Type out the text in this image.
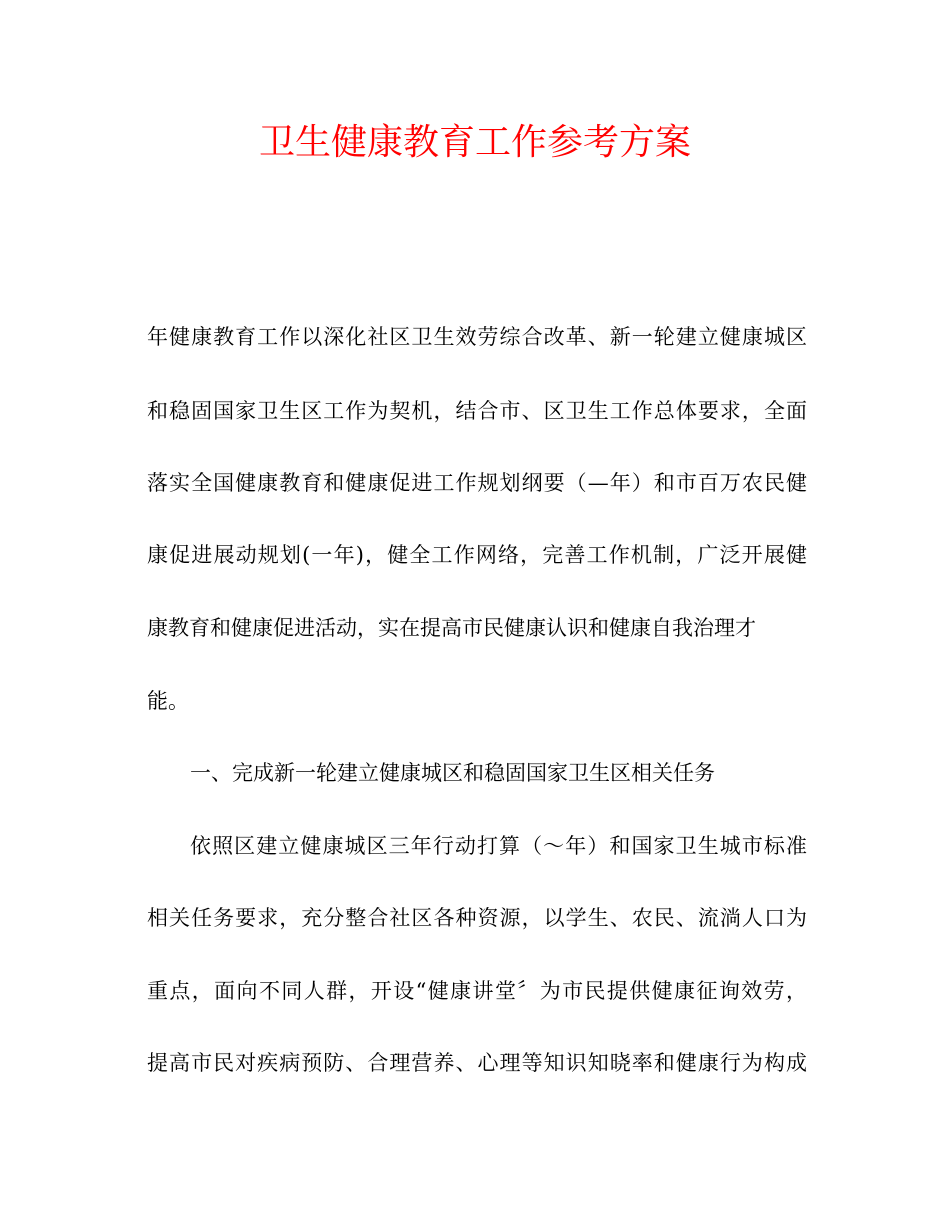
卫生健康教育工作参考方案
年健康教育工作以深化社区卫生效劳综合改革、新一轮建立健康城区
和稳固国家卫生区工作为契机，结合市、区卫生工作总体要求，全面
落实全国健康教育和健康促进工作规划纲要（—年）和市百万农民健
康促进展动规划(一年)，健全工作网络，完善工作机制，广泛开展健
康教育和健康促进活动，实在提高市民健康认识和健康自我治理才
能。
一、完成新一轮建立健康城区和稳固国家卫生区相关任务
依照区建立健康城区三年行动打算（～年）和国家卫生城市标准
相关任务要求，充分整合社区各种资源，以学生、农民、流淌人口为
重点，面向不同人群，开设“健康讲堂〞为市民提供健康征询效劳，
提高市民对疾病预防、合理营养、心理等知识知晓率和健康行为构成
